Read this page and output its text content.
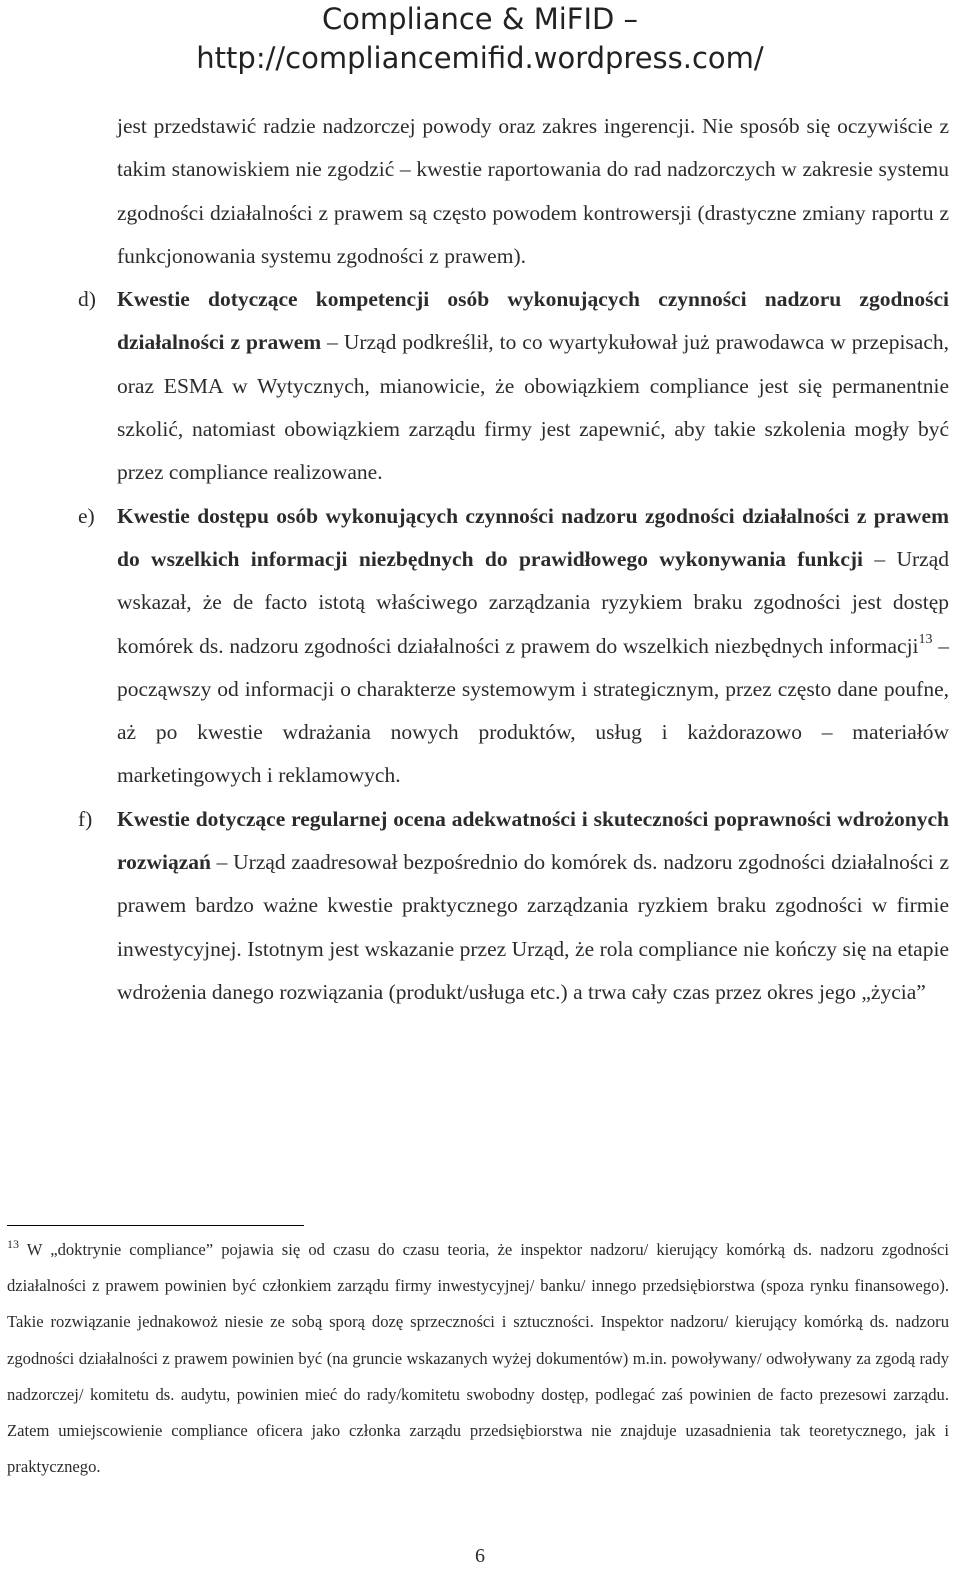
Compliance & MiFID –
http://compliancemifid.wordpress.com/

jest przedstawić radzie nadzorczej powody oraz zakres ingerencji. Nie sposób się oczywiście z takim stanowiskiem nie zgodzić – kwestie raportowania do rad nadzorczych w zakresie systemu zgodności działalności z prawem są często powodem kontrowersji (drastyczne zmiany raportu z funkcjonowania systemu zgodności z prawem).

d) Kwestie dotyczące kompetencji osób wykonujących czynności nadzoru zgodności działalności z prawem – Urząd podkreślił, to co wyartykułował już prawodawca w przepisach, oraz ESMA w Wytycznych, mianowicie, że obowiązkiem compliance jest się permanentnie szkolić, natomiast obowiązkiem zarządu firmy jest zapewnić, aby takie szkolenia mogły być przez compliance realizowane.

e)	Kwestie dostępu osób wykonujących czynności nadzoru zgodności działalności z prawem do wszelkich informacji niezbędnych do prawidłowego wykonywania funkcji – Urząd wskazał, że de facto istotą właściwego zarządzania ryzykiem braku zgodności jest dostęp komórek ds. nadzoru zgodności działalności z prawem do wszelkich niezbędnych informacji$^{13}$ – począwszy od informacji o charakterze systemowym i strategicznym, przez często dane poufne, aż po kwestie wdrażania nowych produktów, usług i każdorazowo – materiałów marketingowych i reklamowych.

f)	Kwestie dotyczące regularnej ocena adekwatności i skuteczności poprawności wdrożonych rozwiązań – Urząd zaadresował bezpośrednio do komórek ds. nadzoru zgodności działalności z prawem bardzo ważne kwestie praktycznego zarządzania ryzkiem braku zgodności w firmie inwestycyjnej. Istotnym jest wskazanie przez Urząd, że rola compliance nie kończy się na etapie wdrożenia danego rozwiązania (produkt/usługa etc.) a trwa cały czas przez okres jego „życia”

$^{13}$ W „doktrynie compliance” pojawia się od czasu do czasu teoria, że inspektor nadzoru/ kierujący komórką ds. nadzoru zgodności działalności z prawem powinien być członkiem zarządu firmy inwestycyjnej/ banku/ innego przedsiębiorstwa (spoza rynku finansowego). Takie rozwiązanie jednakowoż niesie ze sobą sporą dozę sprzeczności i sztuczności. Inspektor nadzoru/ kierujący komórką ds. nadzoru zgodności działalności z prawem powinien być (na gruncie wskazanych wyżej dokumentów) m.in. powoływany/ odwoływany za zgodą rady nadzorczej/ komitetu ds. audytu, powinien mieć do rady/komitetu swobodny dostęp, podlegać zaś powinien de facto prezesowi zarządu. Zatem umiejscowienie compliance oficera jako członka zarządu przedsiębiorstwa nie znajduje uzasadnienia tak teoretycznego, jak i praktycznego.

6
